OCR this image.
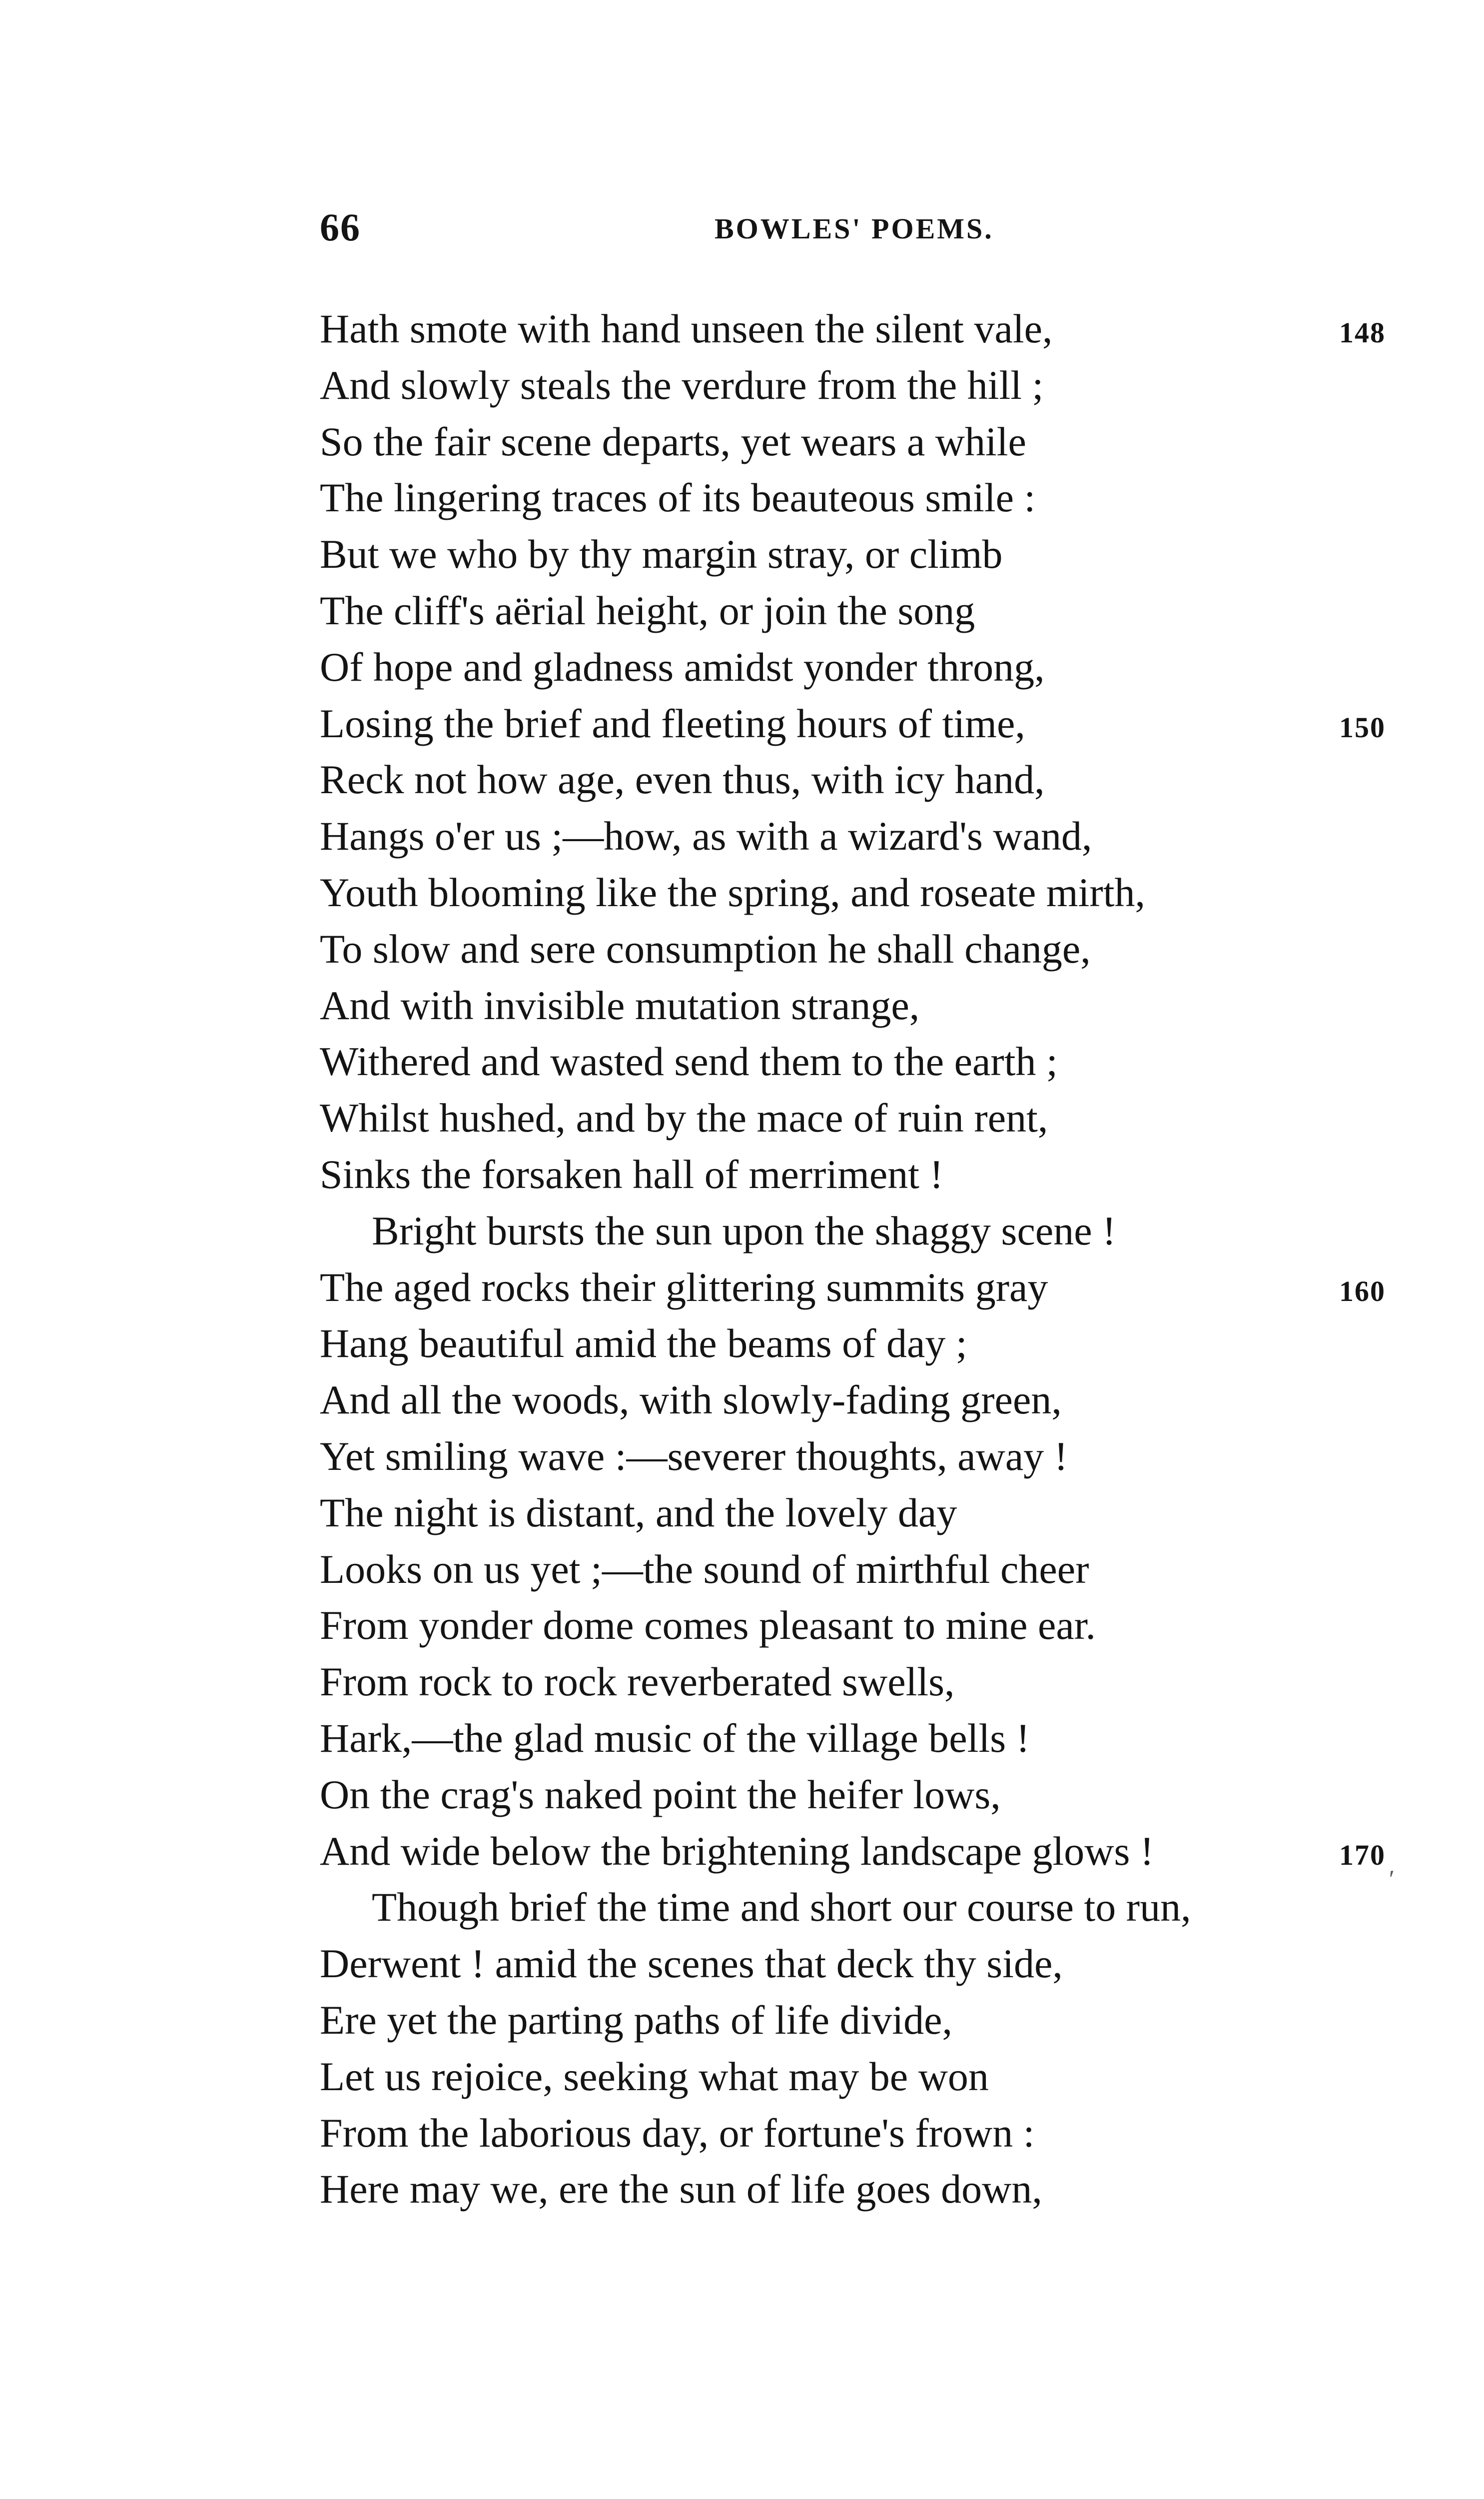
66	BOWLES' POEMS.
Hath smote with hand unseen the silent vale,	148
And slowly steals the verdure from the hill ;
So the fair scene departs, yet wears a while
The lingering traces of its beauteous smile :
But we who by thy margin stray, or climb
The cliff's aërial height, or join the song
Of hope and gladness amidst yonder throng,
Losing the brief and fleeting hours of time,	150
Reck not how age, even thus, with icy hand,
Hangs o'er us ;—how, as with a wizard's wand,
Youth blooming like the spring, and roseate mirth,
To slow and sere consumption he shall change,
And with invisible mutation strange,
Withered and wasted send them to the earth ;
Whilst hushed, and by the mace of ruin rent,
Sinks the forsaken hall of merriment !
Bright bursts the sun upon the shaggy scene !
The aged rocks their glittering summits gray	160
Hang beautiful amid the beams of day ;
And all the woods, with slowly-fading green,
Yet smiling wave :—severer thoughts, away !
The night is distant, and the lovely day
Looks on us yet ;—the sound of mirthful cheer
From yonder dome comes pleasant to mine ear.
From rock to rock reverberated swells,
Hark,—the glad music of the village bells !
On the crag's naked point the heifer lows,
And wide below the brightening landscape glows !	170
Though brief the time and short our course to run,
Derwent ! amid the scenes that deck thy side,
Ere yet the parting paths of life divide,
Let us rejoice, seeking what may be won
From the laborious day, or fortune's frown :
Here may we, ere the sun of life goes down,
ʹ
